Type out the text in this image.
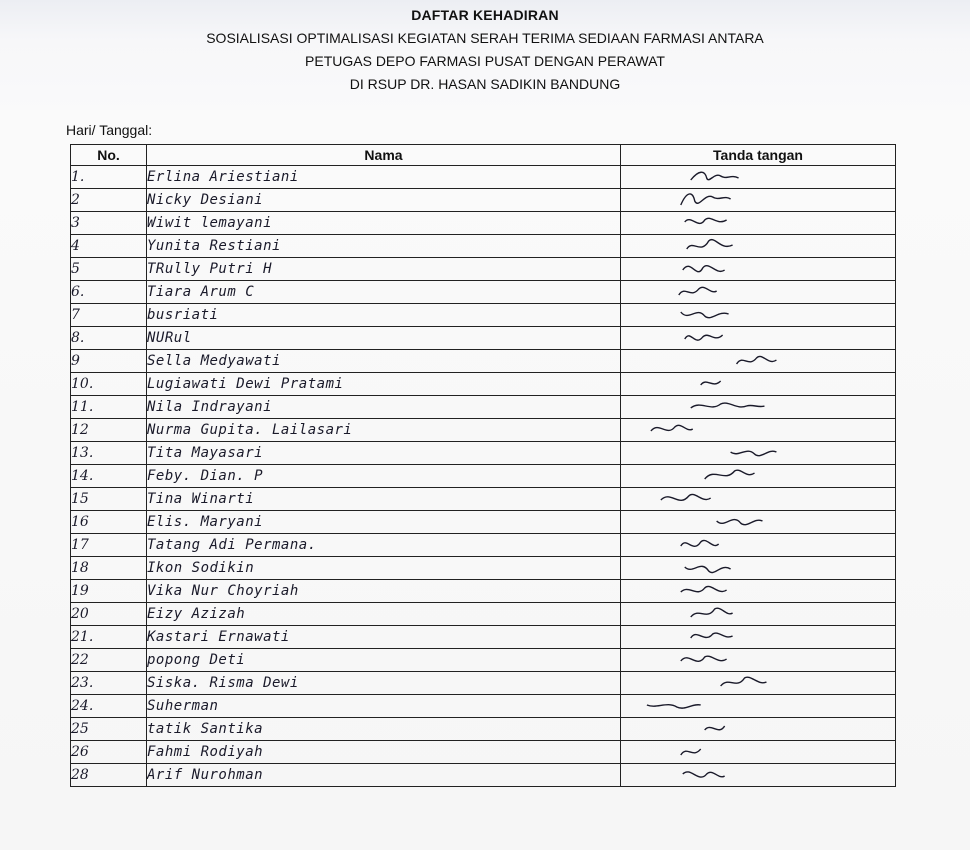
DAFTAR KEHADIRAN
SOSIALISASI OPTIMALISASI KEGIATAN SERAH TERIMA SEDIAAN FARMASI ANTARA
PETUGAS DEPO FARMASI PUSAT DENGAN PERAWAT
DI RSUP DR. HASAN SADIKIN BANDUNG
Hari/ Tanggal:
No.	Nama	Tanda tangan
1.	Erlina Ariestiani	

2	Nicky Desiani	

3	Wiwit lemayani	

4	Yunita Restiani	

5	TRully Putri H	

6.	Tiara Arum C	

7	busriati	

8.	NURul	

9	Sella Medyawati	

10.	Lugiawati Dewi Pratami	

11.	Nila Indrayani	

12	Nurma Gupita. Lailasari	

13.	Tita Mayasari	

14.	Feby. Dian. P	

15	Tina Winarti	

16	Elis. Maryani	

17	Tatang Adi Permana.	

18	Ikon Sodikin	

19	Vika Nur Choyriah	

20	Eizy Azizah	

21.	Kastari Ernawati	

22	popong Deti	

23.	Siska. Risma Dewi	

24.	Suherman	

25	tatik Santika	

26	Fahmi Rodiyah	

28	Arif Nurohman	
